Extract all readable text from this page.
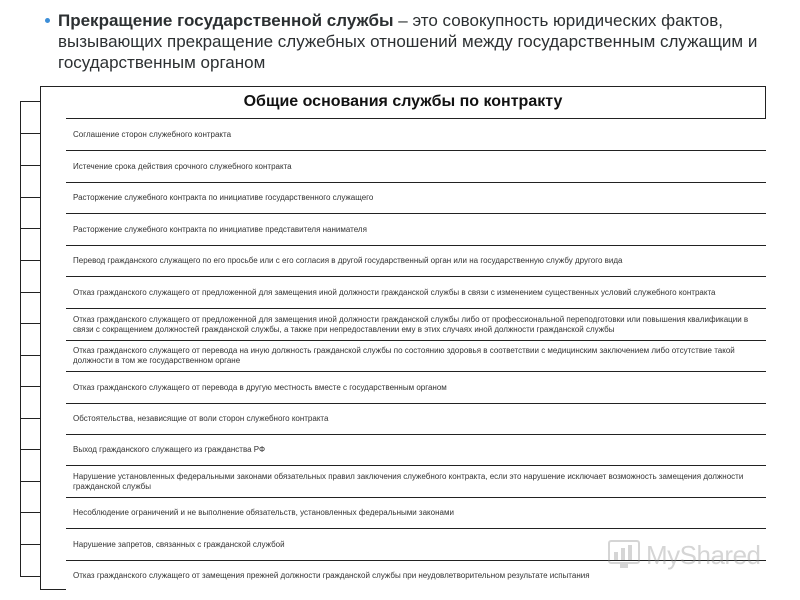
Прекращение государственной службы – это совокупность юридических фактов, вызывающих прекращение служебных отношений между государственным служащим и государственным органом
Общие основания службы по контракту
Соглашение сторон служебного контракта
Истечение срока действия срочного служебного контракта
Расторжение служебного контракта по инициативе государственного служащего
Расторжение служебного контракта по инициативе представителя нанимателя
Перевод гражданского служащего по его просьбе или с его согласия в другой государственный орган или на государственную службу другого вида
Отказ гражданского служащего от предложенной для замещения иной должности гражданской службы в связи с изменением существенных условий служебного контракта
Отказ гражданского служащего от предложенной для замещения иной должности гражданской службы либо от профессиональной переподготовки или повышения квалификации в связи с сокращением должностей гражданской службы, а также при непредоставлении ему в этих случаях иной должности гражданской службы
Отказ гражданского служащего от перевода на иную должность гражданской службы по состоянию здоровья в соответствии с медицинским заключением либо отсутствие такой должности в том же государственном органе
Отказ гражданского служащего от перевода в другую местность вместе с государственным органом
Обстоятельства, независящие от воли сторон служебного контракта
Выход гражданского служащего из гражданства РФ
Нарушение установленных федеральными законами обязательных правил заключения служебного контракта, если это нарушение исключает возможность замещения должности гражданской службы
Несоблюдение ограничений и не выполнение обязательств, установленных федеральными законами
Нарушение запретов, связанных с гражданской службой
Отказ гражданского служащего от замещения прежней должности гражданской службы при неудовлетворительном результате испытания
MyShared
